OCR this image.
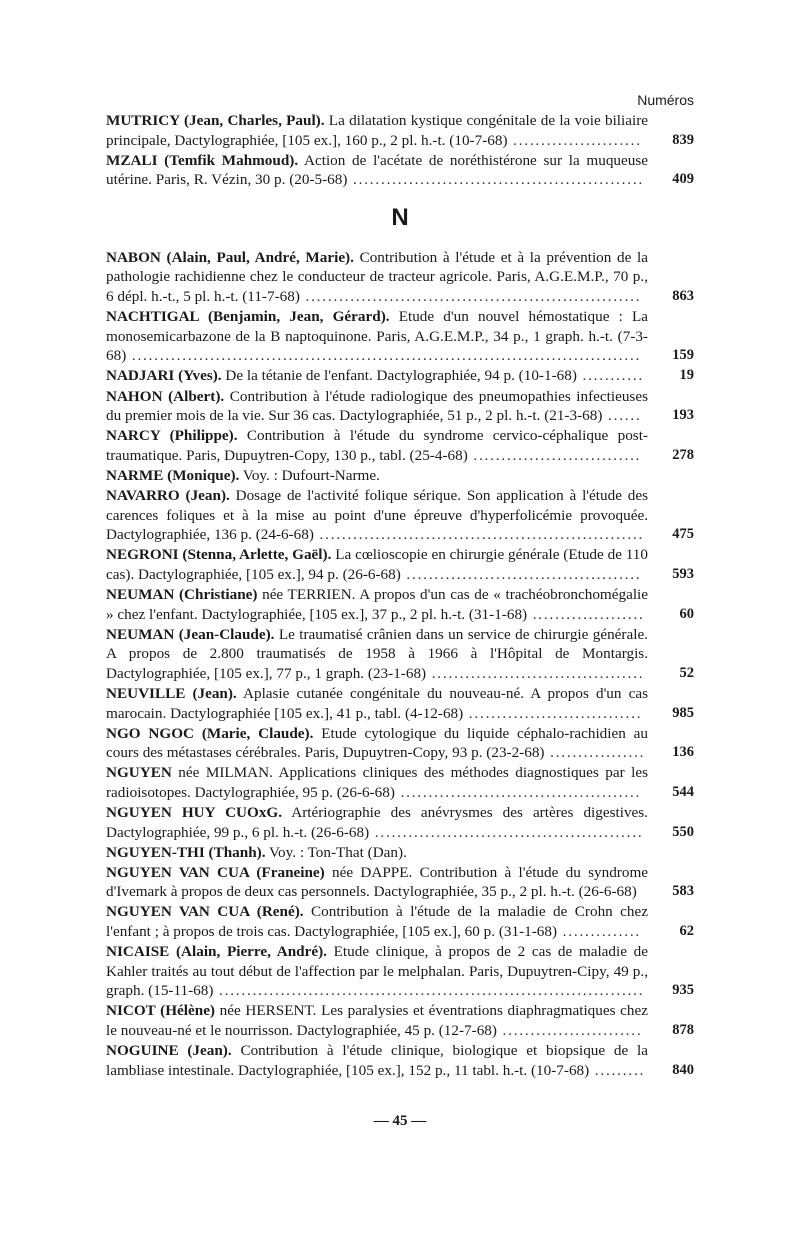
Numéros
MUTRICY (Jean, Charles, Paul). La dilatation kystique congénitale de la voie biliaire principale, Dactylographiée, [105 ex.], 160 p., 2 pl. h.-t. (10-7-68) ....................... 839
MZALI (Temfik Mahmoud). Action de l'acétate de noréthistérone sur la muqueuse utérine. Paris, R. Vézin, 30 p. (20-5-68) .................................................... 409
N
NABON (Alain, Paul, André, Marie). Contribution à l'étude et à la prévention de la pathologie rachidienne chez le conducteur de tracteur agricole. Paris, A.G.E.M.P., 70 p., 6 dépl. h.-t., 5 pl. h.-t. (11-7-68) ............................................................ 863
NACHTIGAL (Benjamin, Jean, Gérard). Etude d'un nouvel hémostatique : La monosemicarbazone de la B naptoquinone. Paris, A.G.E.M.P., 34 p., 1 graph. h.-t. (7-3-68) ........................................................................................... 159
NADJARI (Yves). De la tétanie de l'enfant. Dactylographiée, 94 p. (10-1-68) ........... 19
NAHON (Albert). Contribution à l'étude radiologique des pneumopathies infectieuses du premier mois de la vie. Sur 36 cas. Dactylographiée, 51 p., 2 pl. h.-t. (21-3-68) ...... 193
NARCY (Philippe). Contribution à l'étude du syndrome cervico-céphalique post-traumatique. Paris, Dupuytren-Copy, 130 p., tabl. (25-4-68) .............................. 278
NARME (Monique). Voy. : Dufourt-Narme.
NAVARRO (Jean). Dosage de l'activité folique sérique. Son application à l'étude des carences foliques et à la mise au point d'une épreuve d'hyperfolicémie provoquée. Dactylographiée, 136 p. (24-6-68) .......................................................... 475
NEGRONI (Stenna, Arlette, Gaël). La cœlioscopie en chirurgie générale (Etude de 110 cas). Dactylographiée, [105 ex.], 94 p. (26-6-68) .......................................... 593
NEUMAN (Christiane) née TERRIEN. A propos d'un cas de « trachéobronchomégalie » chez l'enfant. Dactylographiée, [105 ex.], 37 p., 2 pl. h.-t. (31-1-68) .................... 60
NEUMAN (Jean-Claude). Le traumatisé crânien dans un service de chirurgie générale. A propos de 2.800 traumatisés de 1958 à 1966 à l'Hôpital de Montargis. Dactylographiée, [105 ex.], 77 p., 1 graph. (23-1-68) ...................................... 52
NEUVILLE (Jean). Aplasie cutanée congénitale du nouveau-né. A propos d'un cas marocain. Dactylographiée [105 ex.], 41 p., tabl. (4-12-68) ............................... 985
NGO NGOC (Marie, Claude). Etude cytologique du liquide céphalo-rachidien au cours des métastases cérébrales. Paris, Dupuytren-Copy, 93 p. (23-2-68) ................. 136
NGUYEN née MILMAN. Applications cliniques des méthodes diagnostiques par les radioisotopes. Dactylographiée, 95 p. (26-6-68) ........................................... 544
NGUYEN HUY CUOxG. Artériographie des anévrysmes des artères digestives. Dactylographiée, 99 p., 6 pl. h.-t. (26-6-68) ................................................ 550
NGUYEN-THI (Thanh). Voy. : Ton-That (Dan).
NGUYEN VAN CUA (Franeine) née DAPPE. Contribution à l'étude du syndrome d'Ivemark à propos de deux cas personnels. Dactylographiée, 35 p., 2 pl. h.-t. (26-6-68) 583
NGUYEN VAN CUA (René). Contribution à l'étude de la maladie de Crohn chez l'enfant ; à propos de trois cas. Dactylographiée, [105 ex.], 60 p. (31-1-68) ..............	62
NICAISE (Alain, Pierre, André). Etude clinique, à propos de 2 cas de maladie de Kahler traités au tout début de l'affection par le melphalan. Paris, Dupuytren-Cipy, 49 p., graph. (15-11-68) ............................................................................ 935
NICOT (Hélène) née HERSENT. Les paralysies et éventrations diaphragmatiques chez le nouveau-né et le nourrisson. Dactylographiée, 45 p. (12-7-68) ......................... 878
NOGUINE (Jean). Contribution à l'étude clinique, biologique et biopsique de la lambliase intestinale. Dactylographiée, [105 ex.], 152 p., 11 tabl. h.-t. (10-7-68) ......... 840
— 45 —
